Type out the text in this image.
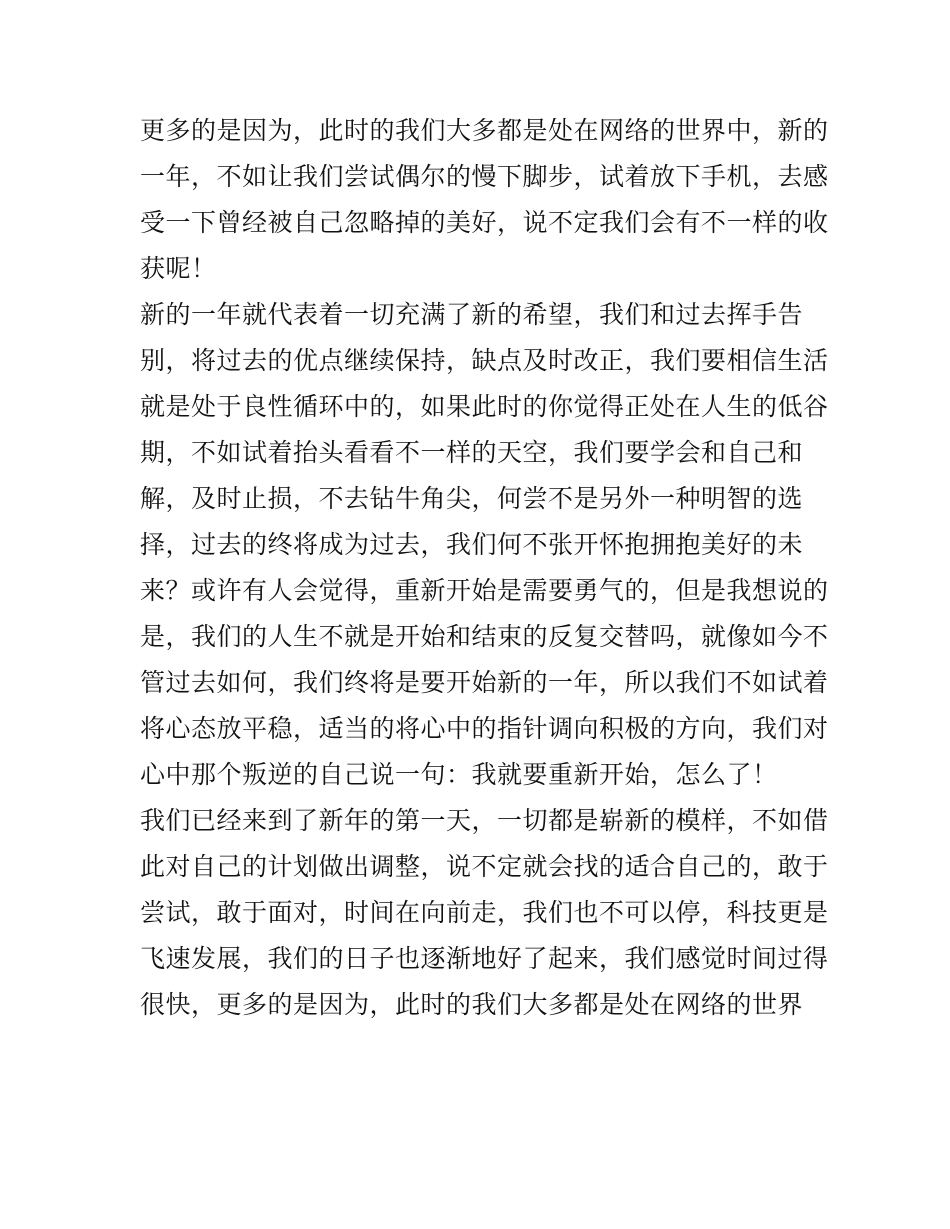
更多的是因为，此时的我们大多都是处在网络的世界中，新的
一年，不如让我们尝试偶尔的慢下脚步，试着放下手机，去感
受一下曾经被自己忽略掉的美好，说不定我们会有不一样的收
获呢！
新的一年就代表着一切充满了新的希望，我们和过去挥手告
别，将过去的优点继续保持，缺点及时改正，我们要相信生活
就是处于良性循环中的，如果此时的你觉得正处在人生的低谷
期，不如试着抬头看看不一样的天空，我们要学会和自己和
解，及时止损，不去钻牛角尖，何尝不是另外一种明智的选
择，过去的终将成为过去，我们何不张开怀抱拥抱美好的未
来？或许有人会觉得，重新开始是需要勇气的，但是我想说的
是，我们的人生不就是开始和结束的反复交替吗，就像如今不
管过去如何，我们终将是要开始新的一年，所以我们不如试着
将心态放平稳，适当的将心中的指针调向积极的方向，我们对
心中那个叛逆的自己说一句：我就要重新开始，怎么了！
我们已经来到了新年的第一天，一切都是崭新的模样，不如借
此对自己的计划做出调整，说不定就会找的适合自己的，敢于
尝试，敢于面对，时间在向前走，我们也不可以停，科技更是
飞速发展，我们的日子也逐渐地好了起来，我们感觉时间过得
很快，更多的是因为，此时的我们大多都是处在网络的世界
